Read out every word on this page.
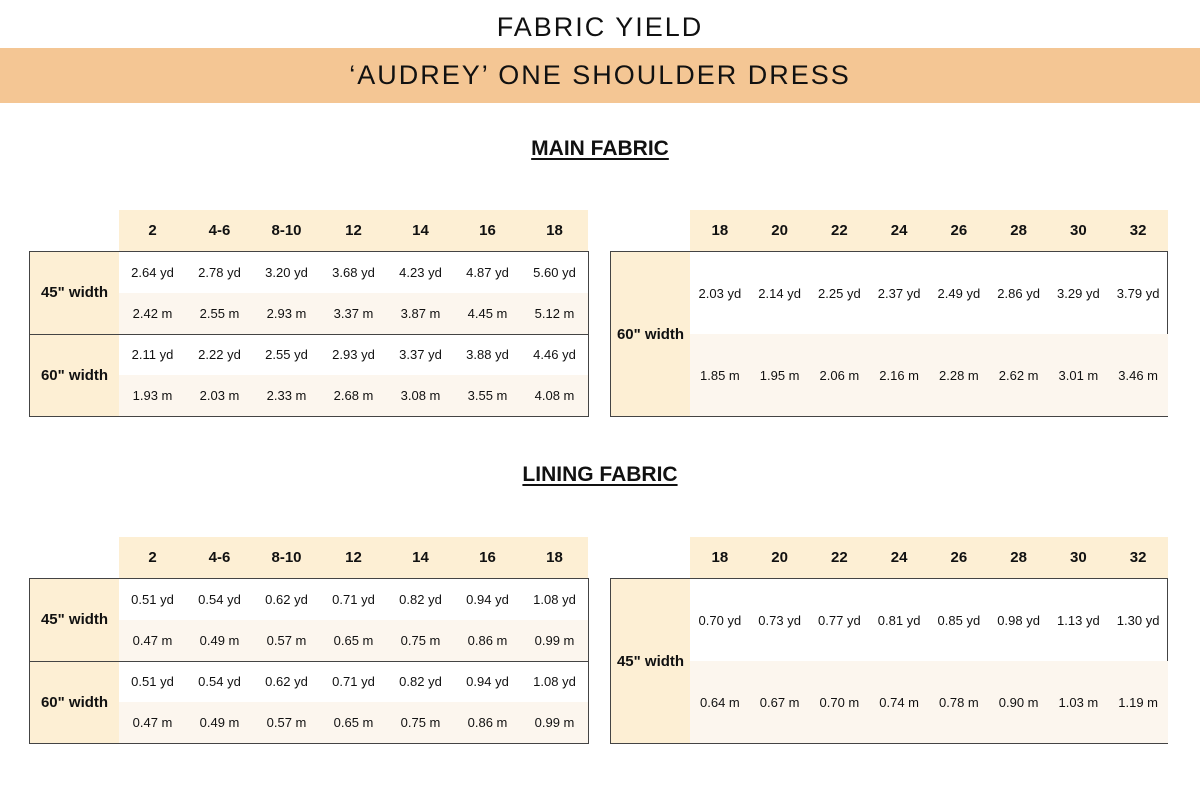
FABRIC YIELD
‘AUDREY’ ONE SHOULDER DRESS
MAIN FABRIC
2	4-6	8-10	12	14	16	18
45" width
2.64 yd	2.78 yd	3.20 yd	3.68 yd	4.23 yd	4.87 yd	5.60 yd
2.42 m	2.55 m	2.93 m	3.37 m	3.87 m	4.45 m	5.12 m
60" width
2.11 yd	2.22 yd	2.55 yd	2.93 yd	3.37 yd	3.88 yd	4.46 yd
1.93 m	2.03 m	2.33 m	2.68 m	3.08 m	3.55 m	4.08 m
18	20	22	24	26	28	30	32
60" width
2.03 yd	2.14 yd	2.25 yd	2.37 yd	2.49 yd	2.86 yd	3.29 yd	3.79 yd
1.85 m	1.95 m	2.06 m	2.16 m	2.28 m	2.62 m	3.01 m	3.46 m
LINING FABRIC
2	4-6	8-10	12	14	16	18
45" width
0.51 yd	0.54 yd	0.62 yd	0.71 yd	0.82 yd	0.94 yd	1.08 yd
0.47 m	0.49 m	0.57 m	0.65 m	0.75 m	0.86 m	0.99 m
60" width
0.51 yd	0.54 yd	0.62 yd	0.71 yd	0.82 yd	0.94 yd	1.08 yd
0.47 m	0.49 m	0.57 m	0.65 m	0.75 m	0.86 m	0.99 m
18	20	22	24	26	28	30	32
45" width
0.70 yd	0.73 yd	0.77 yd	0.81 yd	0.85 yd	0.98 yd	1.13 yd	1.30 yd
0.64 m	0.67 m	0.70 m	0.74 m	0.78 m	0.90 m	1.03 m	1.19 m
